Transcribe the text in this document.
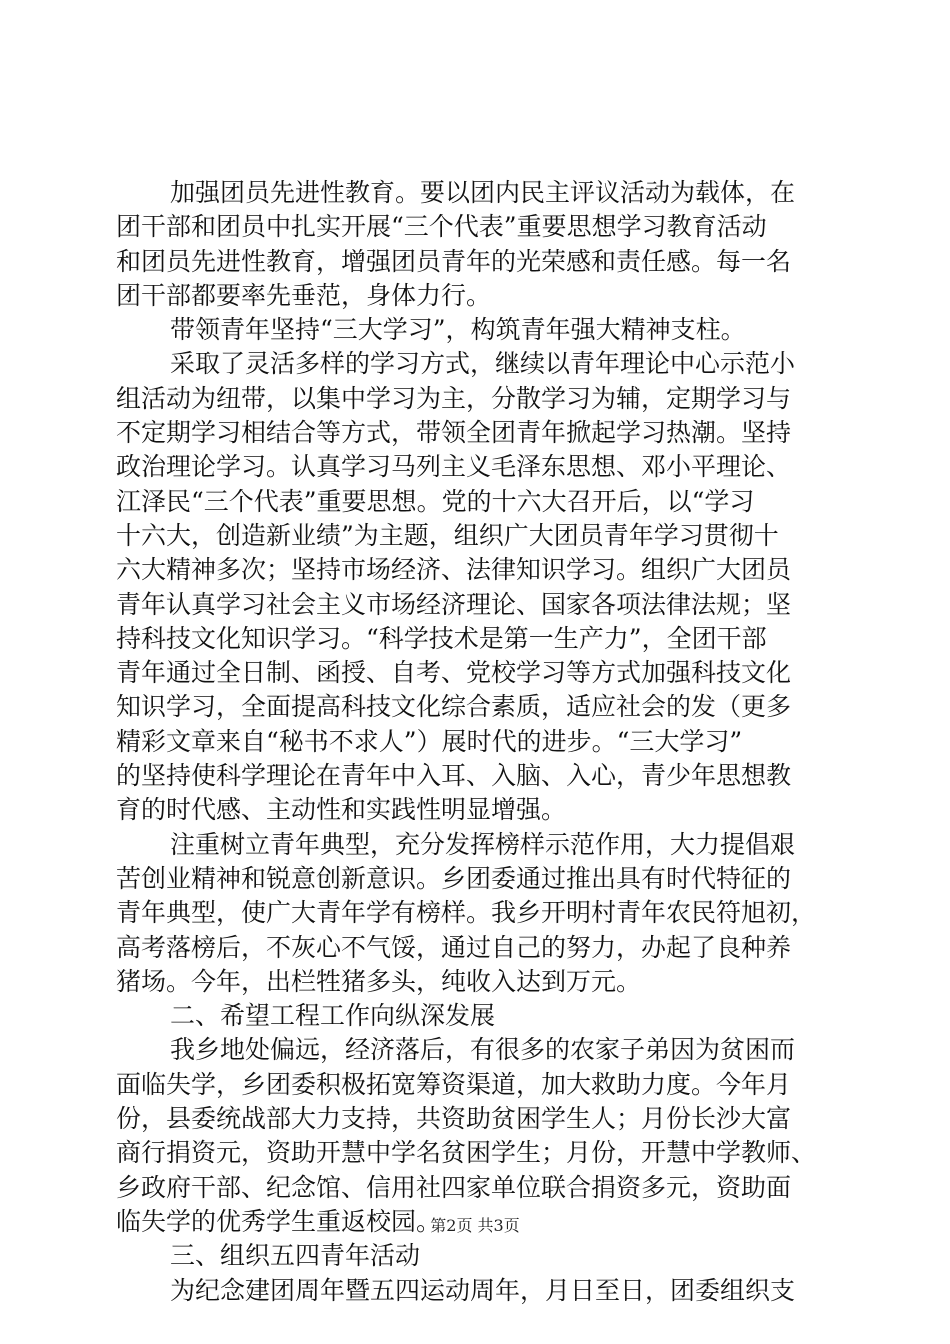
加强团员先进性教育。要以团内民主评议活动为载体，在
团干部和团员中扎实开展“三个代表”重要思想学习教育活动
和团员先进性教育，增强团员青年的光荣感和责任感。每一名
团干部都要率先垂范，身体力行。
带领青年坚持“三大学习”，构筑青年强大精神支柱。
采取了灵活多样的学习方式，继续以青年理论中心示范小
组活动为纽带，以集中学习为主，分散学习为辅，定期学习与
不定期学习相结合等方式，带领全团青年掀起学习热潮。坚持
政治理论学习。认真学习马列主义毛泽东思想、邓小平理论、
江泽民“三个代表”重要思想。党的十六大召开后，以“学习
十六大，创造新业绩”为主题，组织广大团员青年学习贯彻十
六大精神多次；坚持市场经济、法律知识学习。组织广大团员
青年认真学习社会主义市场经济理论、国家各项法律法规；坚
持科技文化知识学习。“科学技术是第一生产力”，全团干部
青年通过全日制、函授、自考、党校学习等方式加强科技文化
知识学习，全面提高科技文化综合素质，适应社会的发（更多
精彩文章来自“秘书不求人”）展时代的进步。“三大学习”
的坚持使科学理论在青年中入耳、入脑、入心，青少年思想教
育的时代感、主动性和实践性明显增强。
注重树立青年典型，充分发挥榜样示范作用，大力提倡艰
苦创业精神和锐意创新意识。乡团委通过推出具有时代特征的
青年典型，使广大青年学有榜样。我乡开明村青年农民符旭初，
高考落榜后，不灰心不气馁，通过自己的努力，办起了良种养
猪场。今年，出栏牲猪多头，纯收入达到万元。
二、希望工程工作向纵深发展
我乡地处偏远，经济落后，有很多的农家子弟因为贫困而
面临失学，乡团委积极拓宽筹资渠道，加大救助力度。今年月
份，县委统战部大力支持，共资助贫困学生人；月份长沙大富
商行捐资元，资助开慧中学名贫困学生；月份，开慧中学教师、
乡政府干部、纪念馆、信用社四家单位联合捐资多元，资助面
临失学的优秀学生重返校园。
三、组织五四青年活动
为纪念建团周年暨五四运动周年，月日至日，团委组织支
第2页 共3页
